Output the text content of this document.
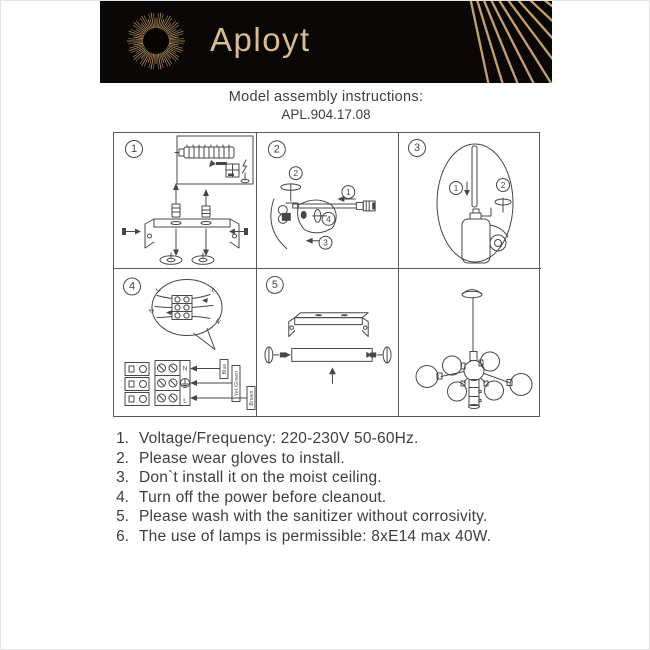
Aployt
Model assembly instructions:
APL.904.17.08
1	2
2
1
4
3
3
1	2
4	L	L
N
N
N
L
Blue
Yel./Green
Brown
5
1. Voltage/Frequency: 220-230V 50-60Hz.
2. Please wear gloves to install.
3. Don`t install it on the moist ceiling.
4. Turn off the power before cleanout.
5. Please wash with the sanitizer without corrosivity.
6. The use of lamps is permissible: 8xE14 max 40W.
